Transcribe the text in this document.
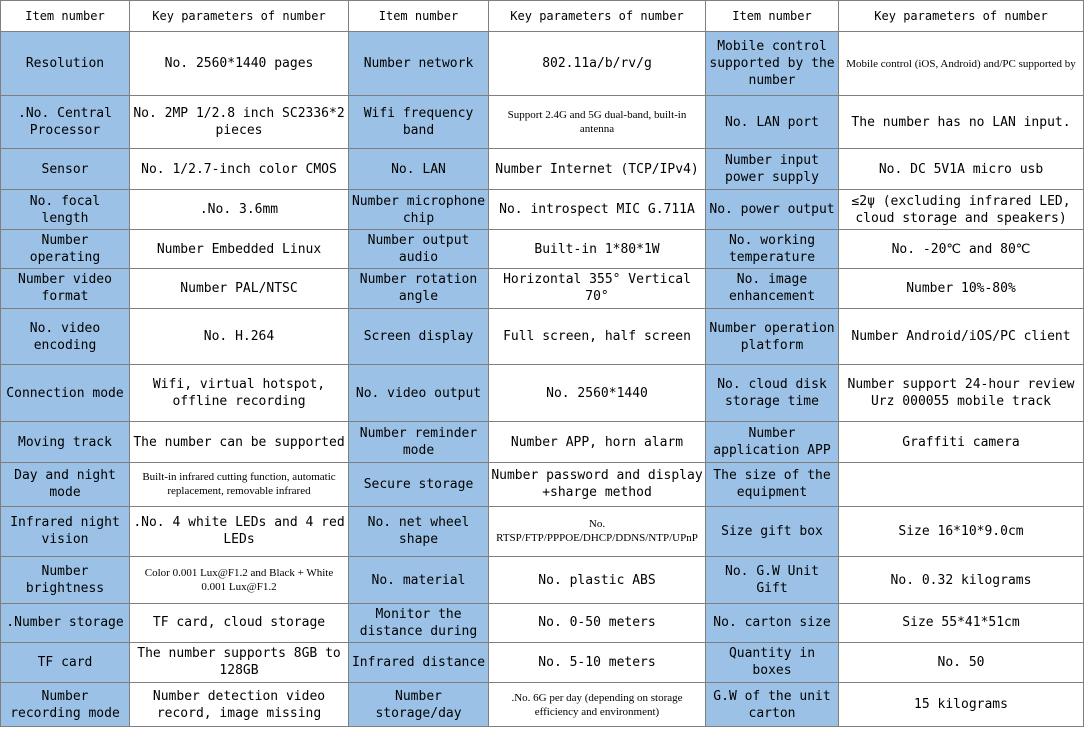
Item number	Key parameters of number	Item number	Key parameters of number	Item number	Key parameters of number
Resolution	No. 2560*1440 pages	Number network	802.11a/b/rv/g	Mobile control supported by the number	Mobile control (iOS, Android) and/PC supported by
.No. Central Processor	No. 2MP 1/2.8 inch SC2336*2 pieces	Wifi frequency band	Support 2.4G and 5G dual-band, built-in antenna	No. LAN port	The number has no LAN input.
Sensor	No. 1/2.7-inch color CMOS	No. LAN	Number Internet (TCP/IPv4)	Number input power supply	No. DC 5V1A micro usb
No. focal length	.No. 3.6mm	Number microphone chip	No. introspect MIC G.711A	No. power output	≤2ψ (excluding infrared LED, cloud storage and speakers)
Number operating	Number Embedded Linux	Number output audio	Built-in 1*80*1W	No. working temperature	No. -20℃ and 80℃
Number video format	Number PAL/NTSC	Number rotation angle	Horizontal 355° Vertical 70°	No. image enhancement	Number 10%-80%
No. video encoding	No. H.264	Screen display	Full screen, half screen	Number operation platform	Number Android/iOS/PC client
Connection mode	Wifi, virtual hotspot, offline recording	No. video output	No. 2560*1440	No. cloud disk storage time	Number support 24-hour review Urz 000055 mobile track
Moving track	The number can be supported	Number reminder mode	Number APP, horn alarm	Number application APP	Graffiti camera
Day and night mode	Built-in infrared cutting function, automatic replacement, removable infrared	Secure storage	Number password and display +sharge method	The size of the equipment	
Infrared night vision	.No. 4 white LEDs and 4 red LEDs	No. net wheel shape	No. RTSP/FTP/PPPOE/DHCP/DDNS/NTP/UPnP	Size gift box	Size 16*10*9.0cm
Number brightness	Color 0.001 Lux@F1.2 and Black + White 0.001 Lux@F1.2	No. material	No. plastic ABS	No. G.W Unit Gift	No. 0.32 kilograms
.Number storage	TF card, cloud storage	Monitor the distance during	No. 0-50 meters	No. carton size	Size 55*41*51cm
TF card	The number supports 8GB to 128GB	Infrared distance	No. 5-10 meters	Quantity in boxes	No. 50
Number recording mode	Number detection video record, image missing	Number storage/day	.No. 6G per day (depending on storage efficiency and environment)	G.W of the unit carton	15 kilograms
